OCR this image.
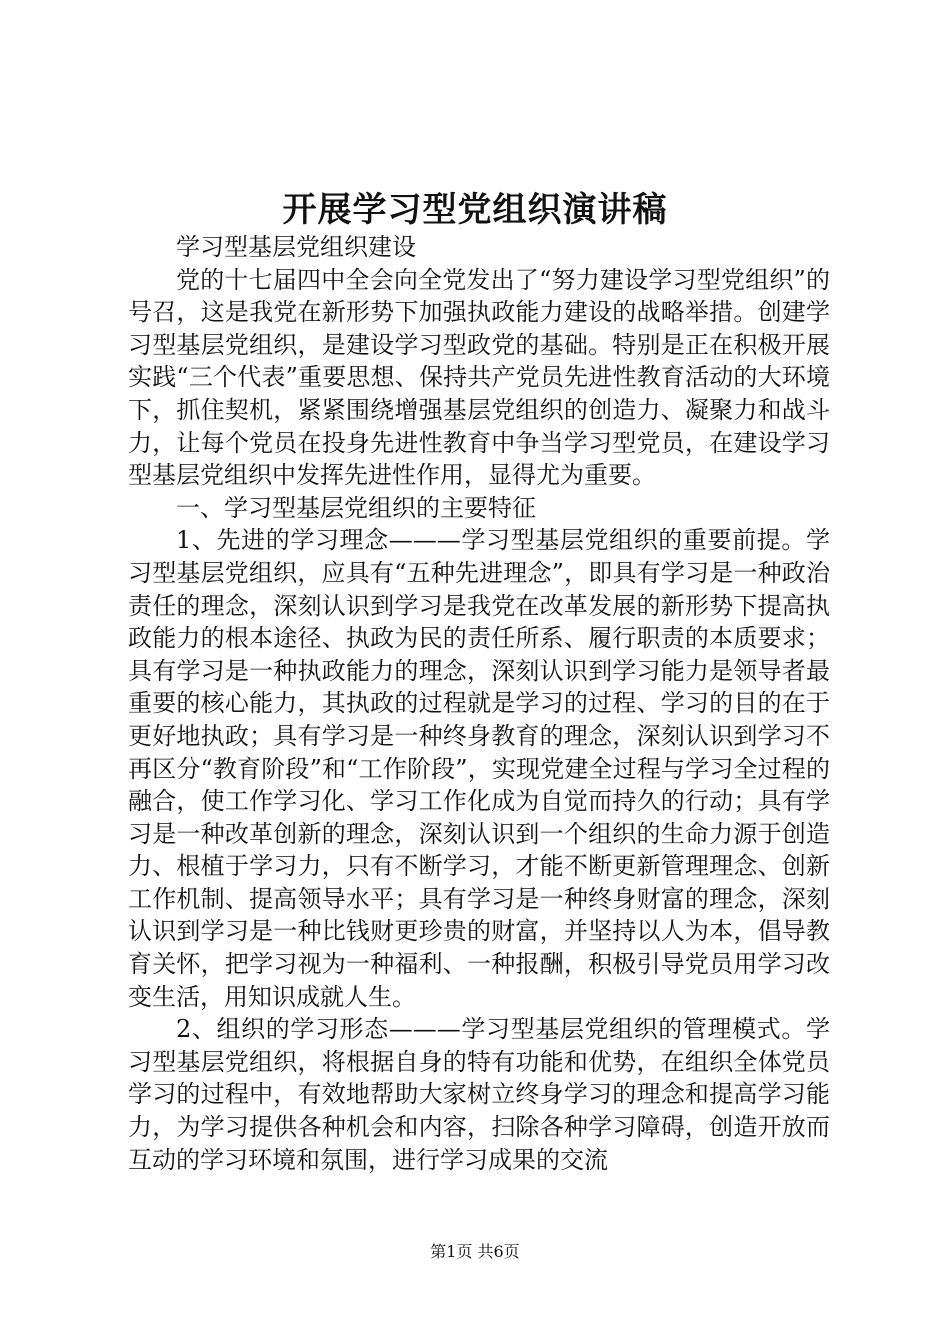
开展学习型党组织演讲稿

学习型基层党组织建设

党的十七届四中全会向全党发出了“努力建设学习型党组织”的号召，这是我党在新形势下加强执政能力建设的战略举措。创建学习型基层党组织，是建设学习型政党的基础。特别是正在积极开展实践“三个代表”重要思想、保持共产党员先进性教育活动的大环境下，抓住契机，紧紧围绕增强基层党组织的创造力、凝聚力和战斗力，让每个党员在投身先进性教育中争当学习型党员，在建设学习型基层党组织中发挥先进性作用，显得尤为重要。

一、学习型基层党组织的主要特征

1、先进的学习理念———学习型基层党组织的重要前提。学习型基层党组织，应具有“五种先进理念”，即具有学习是一种政治责任的理念，深刻认识到学习是我党在改革发展的新形势下提高执政能力的根本途径、执政为民的责任所系、履行职责的本质要求；具有学习是一种执政能力的理念，深刻认识到学习能力是领导者最重要的核心能力，其执政的过程就是学习的过程、学习的目的在于更好地执政；具有学习是一种终身教育的理念，深刻认识到学习不再区分“教育阶段”和“工作阶段”，实现党建全过程与学习全过程的融合，使工作学习化、学习工作化成为自觉而持久的行动；具有学习是一种改革创新的理念，深刻认识到一个组织的生命力源于创造力、根植于学习力，只有不断学习，才能不断更新管理理念、创新工作机制、提高领导水平；具有学习是一种终身财富的理念，深刻认识到学习是一种比钱财更珍贵的财富，并坚持以人为本，倡导教育关怀，把学习视为一种福利、一种报酬，积极引导党员用学习改变生活，用知识成就人生。

2、组织的学习形态———学习型基层党组织的管理模式。学习型基层党组织，将根据自身的特有功能和优势，在组织全体党员学习的过程中，有效地帮助大家树立终身学习的理念和提高学习能力，为学习提供各种机会和内容，扫除各种学习障碍，创造开放而互动的学习环境和氛围，进行学习成果的交流

第1页 共6页
